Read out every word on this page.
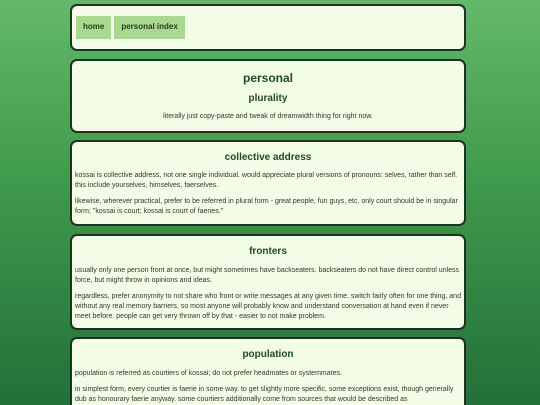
home	personal index
personal
plurality

literally just copy-paste and tweak of dreamwidth thing for right now.

collective address

kossai is collective address, not one single individual. would appreciate plural versions of pronouns: selves, rather than self. this include yourselves, himselves, faerselves.

likewise, wherever practical, prefer to be referred in plural form - great people, fun guys, etc. only court should be in singular form; "kossai is court; kossai is court of faeries."

fronters

usually only one person front at once, but might sometimes have backseaters. backseaters do not have direct control unless force, but might throw in opinions and ideas.

regardless, prefer anonymity to not share who front or write messages at any given time. switch fairly often for one thing, and without any real memory barriers, so most anyone will probably know and understand conversation at hand even if never meet before. people can get very thrown off by that - easier to not make problem.

population

population is referred as courtiers of kossai; do not prefer headmates or systemmates.

in simplest form, every courtier is faerie in some way. to get slightly more specific, some exceptions exist, though generally dub as honourary faerie anyway. some courtiers additionally come from sources that would be described as
